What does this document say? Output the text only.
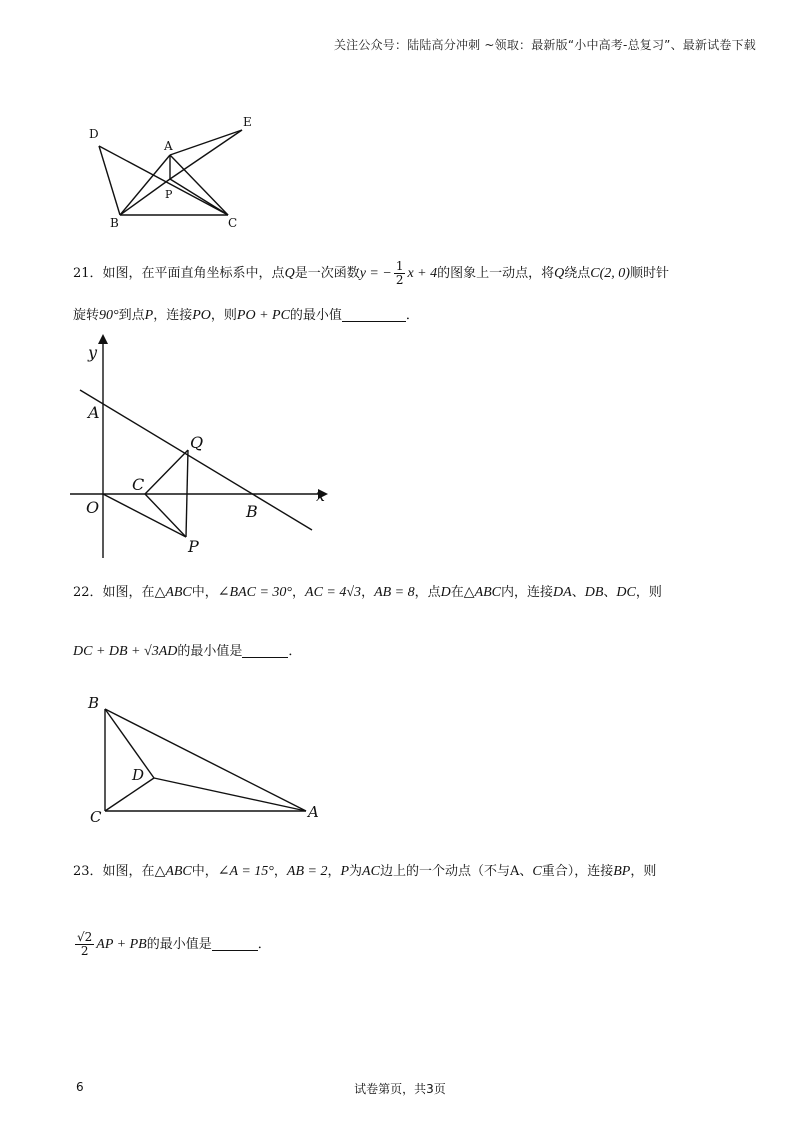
关注公众号：陆陆高分冲刺 ~领取：最新版“小中高考-总复习”、最新试卷下载
D
E
A
P
B	C
21．如图，在平面直角坐标系中，点Q是一次函数y = − $\frac{1}{2}$ x + 4的图象上一动点，将Q绕点C(2, 0)顺时针
旋转90°到点P，连接PO，则PO + PC的最小值	．
y
x
A
Q
C
O	B
P
22．如图，在△ABC中，∠BAC = 30°，AC = 4√3，AB = 8，点D在△ABC内，连接DA、DB、DC，则
DC + DB + √3AD的最小值是	．
B
D
C	A
23．如图，在△ABC中，∠A = 15°，AB = 2，P为AC边上的一个动点（不与A、C重合），连接BP，则
$\frac{√2}{2}$ AP + PB的最小值是	．
6	试卷第页，共3页
